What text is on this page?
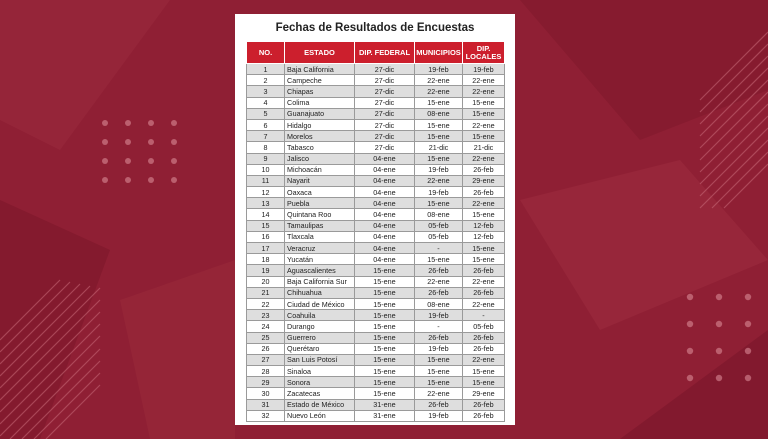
Fechas de Resultados de Encuestas
NO.	ESTADO	DIP. FEDERAL	MUNICIPIOS	DIP.
LOCALES
1	Baja California	27-dic	19-feb	19-feb
2	Campeche	27-dic	22-ene	22-ene
3	Chiapas	27-dic	22-ene	22-ene
4	Colima	27-dic	15-ene	15-ene
5	Guanajuato	27-dic	08-ene	15-ene
6	Hidalgo	27-dic	15-ene	22-ene
7	Morelos	27-dic	15-ene	15-ene
8	Tabasco	27-dic	21-dic	21-dic
9	Jalisco	04-ene	15-ene	22-ene
10	Michoacán	04-ene	19-feb	26-feb
11	Nayarit	04-ene	22-ene	29-ene
12	Oaxaca	04-ene	19-feb	26-feb
13	Puebla	04-ene	15-ene	22-ene
14	Quintana Roo	04-ene	08-ene	15-ene
15	Tamaulipas	04-ene	05-feb	12-feb
16	Tlaxcala	04-ene	05-feb	12-feb
17	Veracruz	04-ene	-	15-ene
18	Yucatán	04-ene	15-ene	15-ene
19	Aguascalientes	15-ene	26-feb	26-feb
20	Baja California Sur	15-ene	22-ene	22-ene
21	Chihuahua	15-ene	26-feb	26-feb
22	Ciudad de México	15-ene	08-ene	22-ene
23	Coahuila	15-ene	19-feb	-
24	Durango	15-ene	-	05-feb
25	Guerrero	15-ene	26-feb	26-feb
26	Querétaro	15-ene	19-feb	26-feb
27	San Luis Potosí	15-ene	15-ene	22-ene
28	Sinaloa	15-ene	15-ene	15-ene
29	Sonora	15-ene	15-ene	15-ene
30	Zacatecas	15-ene	22-ene	29-ene
31	Estado de México	31-ene	26-feb	26-feb
32	Nuevo León	31-ene	19-feb	26-feb
